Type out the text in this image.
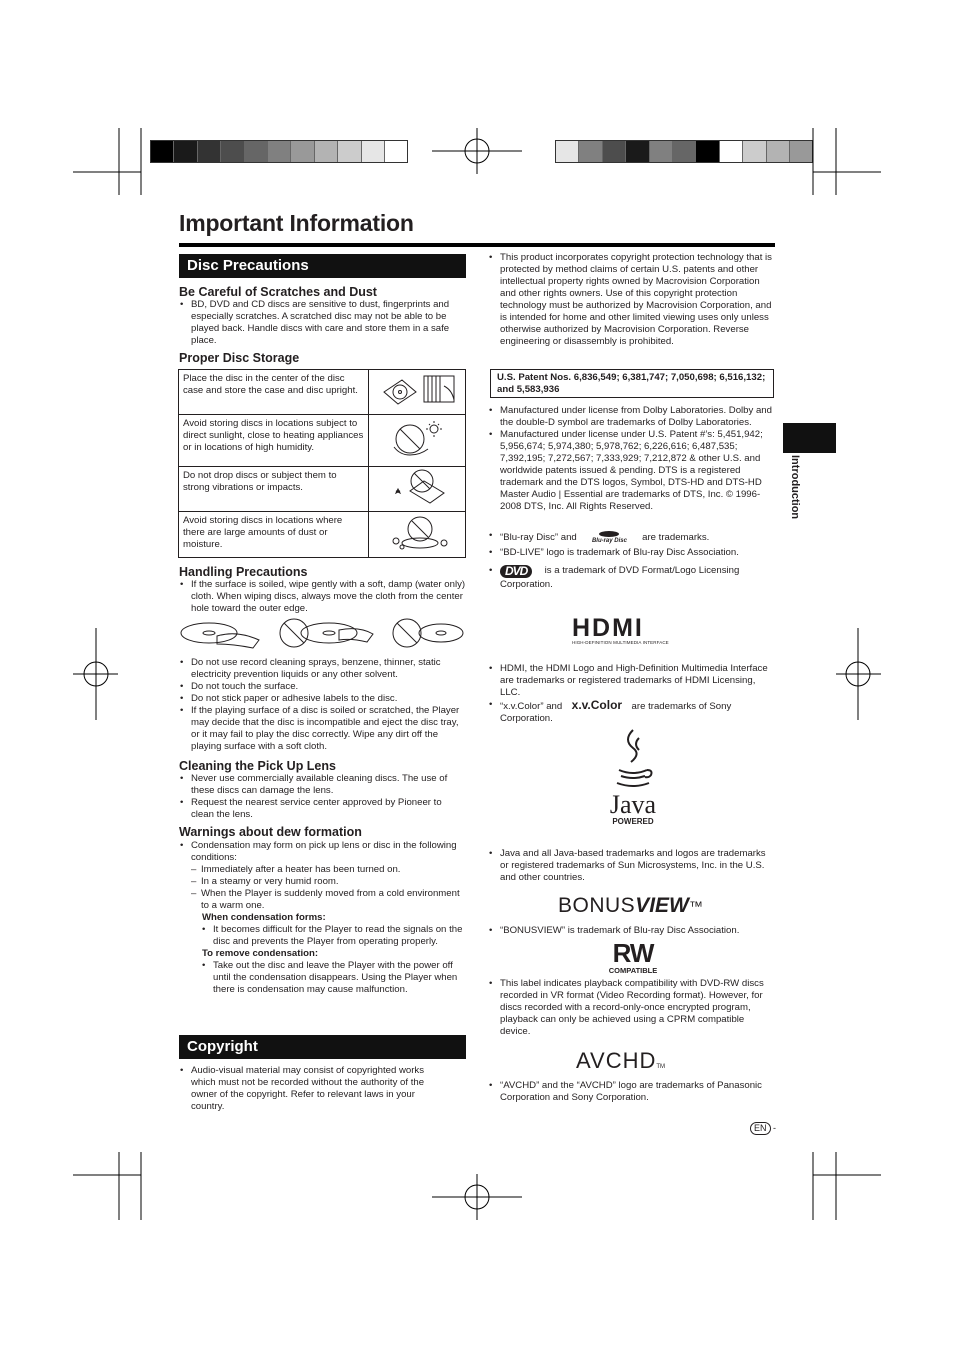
Important Information
Disc Precautions

Be Careful of Scratches and Dust

• BD, DVD and CD discs are sensitive to dust, fingerprints and especially scratches. A scratched disc may not be able to be played back. Handle discs with care and store them in a safe place.

Proper Disc Storage

Place the disc in the center of the disc case and store the case and disc upright.	
Avoid storing discs in locations subject to direct sunlight, close to heating appliances or in locations of high humidity.	
Do not drop discs or subject them to strong vibrations or impacts.	
Avoid storing discs in locations where there are large amounts of dust or moisture.	

Handling Precautions

• If the surface is soiled, wipe gently with a soft, damp (water only) cloth. When wiping discs, always move the cloth from the center hole toward the outer edge.
• Do not use record cleaning sprays, benzene, thinner, static electricity prevention liquids or any other solvent.
• Do not touch the surface.
• Do not stick paper or adhesive labels to the disc.
• If the playing surface of a disc is soiled or scratched, the Player may decide that the disc is incompatible and eject the disc tray, or it may fail to play the disc correctly. Wipe any dirt off the playing surface with a soft cloth.

Cleaning the Pick Up Lens

• Never use commercially available cleaning discs. The use of these discs can damage the lens.
• Request the nearest service center approved by Pioneer to clean the lens.

Warnings about dew formation

• Condensation may form on pick up lens or disc in the following conditions:
– Immediately after a heater has been turned on.
– In a steamy or very humid room.
– When the Player is suddenly moved from a cold environment to a warm one.
When condensation forms:
• It becomes difficult for the Player to read the signals on the disc and prevents the Player from operating properly.
To remove condensation:
• Take out the disc and leave the Player with the power off until the condensation disappears. Using the Player when there is condensation may cause malfunction.
Copyright
• Audio-visual material may consist of copyrighted works which must not be recorded without the authority of the owner of the copyright. Refer to relevant laws in your country.
• This product incorporates copyright protection technology that is protected by method claims of certain U.S. patents and other intellectual property rights owned by Macrovision Corporation and other rights owners. Use of this copyright protection technology must be authorized by Macrovision Corporation, and is intended for home and other limited viewing uses only unless otherwise authorized by Macrovision Corporation. Reverse engineering or disassembly is prohibited.
U.S. Patent Nos. 6,836,549; 6,381,747; 7,050,698; 6,516,132; and 5,583,936
• Manufactured under license from Dolby Laboratories. Dolby and the double-D symbol are trademarks of Dolby Laboratories.
• Manufactured under license under U.S. Patent #’s: 5,451,942; 5,956,674; 5,974,380; 5,978,762; 6,226,616; 6,487,535; 7,392,195; 7,272,567; 7,333,929; 7,212,872 & other U.S. and worldwide patents issued & pending. DTS is a registered trademark and the DTS logos, Symbol, DTS-HD and DTS-HD Master Audio | Essential are trademarks of DTS, Inc. © 1996-2008 DTS, Inc. All Rights Reserved.
• “Blu-ray Disc” and	Blu-ray Disc	are trademarks.
• “BD-LIVE” logo is trademark of Blu-ray Disc Association.
• DVD is a trademark of DVD Format/Logo Licensing Corporation.
HDMI
HIGH-DEFINITION MULTIMEDIA INTERFACE
• HDMI, the HDMI Logo and High-Definition Multimedia Interface are trademarks or registered trademarks of HDMI Licensing, LLC.
• “x.v.Color” and x.v.Color are trademarks of Sony Corporation.
Java
POWERED
• Java and all Java-based trademarks and logos are trademarks or registered trademarks of Sun Microsystems, Inc. in the U.S. and other countries.
BONUSVIEW™
• “BONUSVIEW” is trademark of Blu-ray Disc Association.
RW
COMPATIBLE
• This label indicates playback compatibility with DVD-RW discs recorded in VR format (Video Recording format). However, for discs recorded with a record-only-once encrypted program, playback can only be achieved using a CPRM compatible device.
AVCHDTM
• “AVCHD” and the “AVCHD” logo are trademarks of Panasonic Corporation and Sony Corporation.
Introduction
EN -
